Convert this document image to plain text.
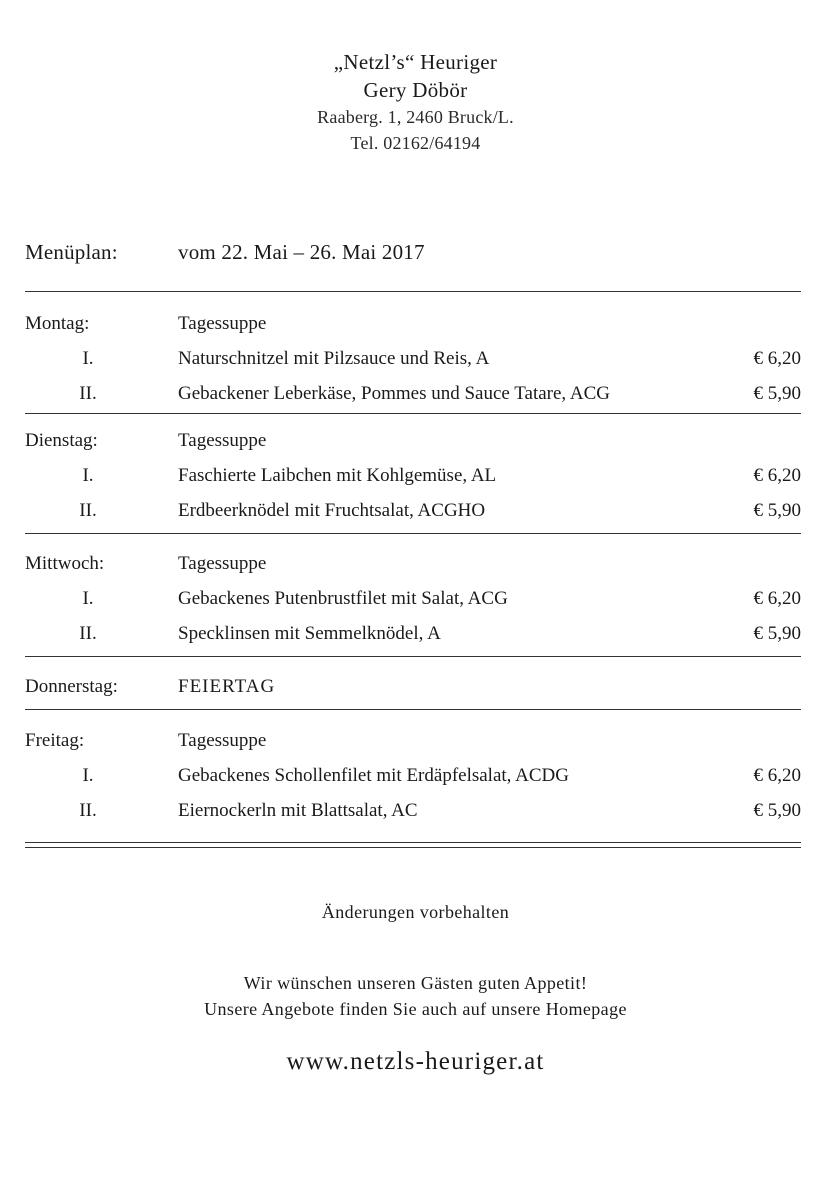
„Netzl’s“ Heuriger
Gery Döbör
Raaberg. 1, 2460 Bruck/L.
Tel. 02162/64194
Menüplan:	vom 22. Mai – 26. Mai 2017
Montag:	Tagessuppe
I.	Naturschnitzel mit Pilzsauce und Reis, A	€ 6,20
II.	Gebackener Leberkäse, Pommes und Sauce Tatare, ACG	€ 5,90
Dienstag:	Tagessuppe
I.	Faschierte Laibchen mit Kohlgemüse, AL	€ 6,20
II.	Erdbeerknödel mit Fruchtsalat, ACGHO	€ 5,90
Mittwoch:	Tagessuppe
I.	Gebackenes Putenbrustfilet mit Salat, ACG	€ 6,20
II.	Specklinsen mit Semmelknödel, A	€ 5,90
Donnerstag:	FEIERTAG
Freitag:	Tagessuppe
I.	Gebackenes Schollenfilet mit Erdäpfelsalat, ACDG	€ 6,20
II.	Eiernockerln mit Blattsalat, AC	€ 5,90
Änderungen vorbehalten
Wir wünschen unseren Gästen guten Appetit!
Unsere Angebote finden Sie auch auf unsere Homepage
www.netzls-heuriger.at
